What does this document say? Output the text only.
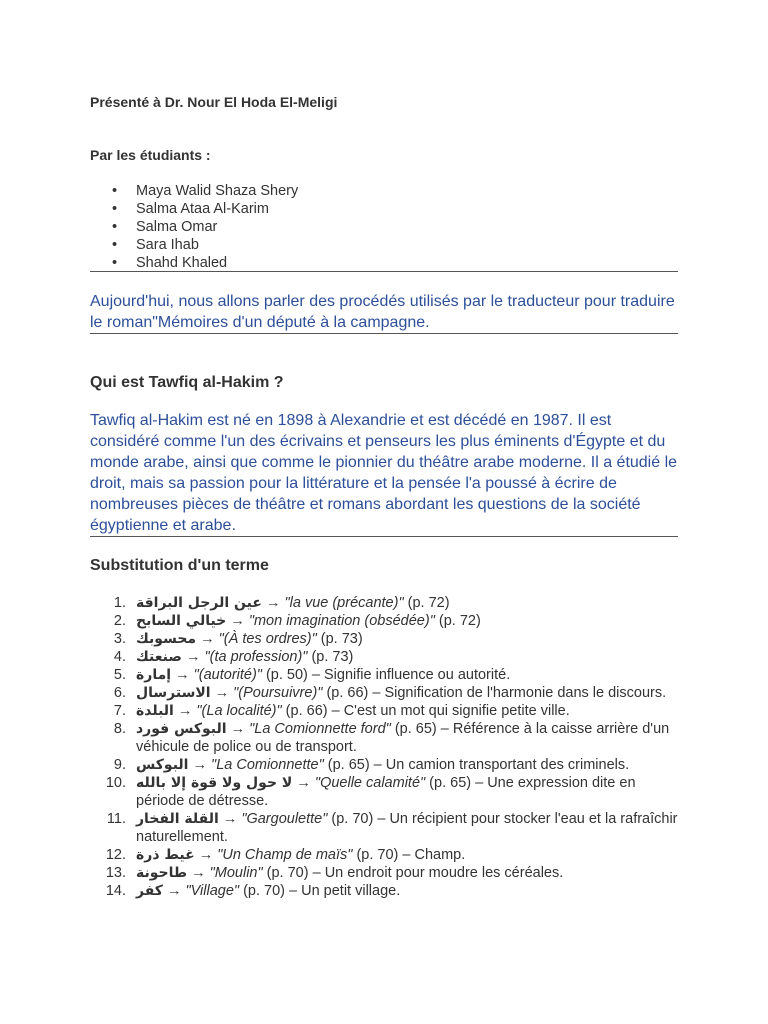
Présenté à Dr. Nour El Hoda El-Meligi

Par les étudiants :

• Maya Walid Shaza Shery
• Salma Ataa Al-Karim
• Salma Omar
• Sara Ihab
• Shahd Khaled

Aujourd'hui, nous allons parler des procédés utilisés par le traducteur pour traduire le roman"Mémoires d'un député à la campagne.

Qui est Tawfiq al-Hakim ?

Tawfiq al-Hakim est né en 1898 à Alexandrie et est décédé en 1987. Il est considéré comme l'un des écrivains et penseurs les plus éminents d'Égypte et du monde arabe, ainsi que comme le pionnier du théâtre arabe moderne. Il a étudié le droit, mais sa passion pour la littérature et la pensée l'a poussé à écrire de nombreuses pièces de théâtre et romans abordant les questions de la société égyptienne et arabe.

Substitution d'un terme

1. عين الرجل البراقة → "la vue (précante)" (p. 72)
2. خيالي السابح → "mon imagination (obsédée)" (p. 72)
3. محسوبك → "(À tes ordres)" (p. 73)
4. صنعتك → "(ta profession)" (p. 73)
5. إمارة → "(autorité)" (p. 50) – Signifie influence ou autorité.
6. الاسترسال → "(Poursuivre)" (p. 66) – Signification de l'harmonie dans le discours.
7. البلدة → "(La localité)" (p. 66) – C'est un mot qui signifie petite ville.
8. البوكس فورد → "La Comionnette ford" (p. 65) – Référence à la caisse arrière d'un véhicule de police ou de transport.
9. البوكس → "La Comionnette" (p. 65) – Un camion transportant des criminels.
10. لا حول ولا قوة إلا بالله → "Quelle calamité" (p. 65) – Une expression dite en période de détresse.
11. القلة الفخار → "Gargoulette" (p. 70) – Un récipient pour stocker l'eau et la rafraîchir naturellement.
12. غيط ذرة → "Un Champ de maïs" (p. 70) – Champ.
13. طاحونة → "Moulin" (p. 70) – Un endroit pour moudre les céréales.
14. كفر → "Village" (p. 70) – Un petit village.
